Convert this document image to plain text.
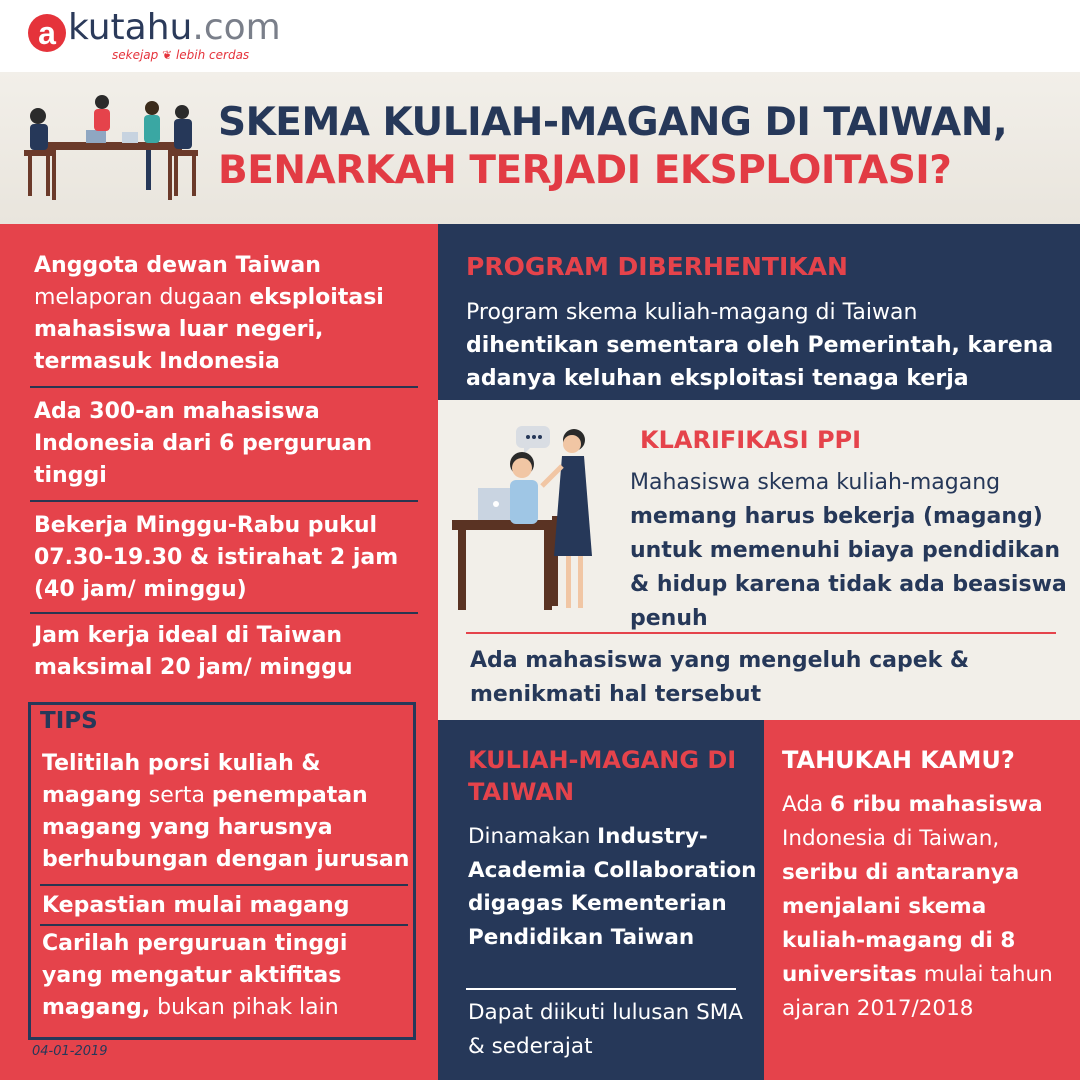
a kutahu.com
sekejap ❦ lebih cerdas
SKEMA KULIAH-MAGANG DI TAIWAN,
BENARKAH TERJADI EKSPLOITASI?
Anggota dewan Taiwan
melaporan dugaan eksploitasi mahasiswa luar negeri, termasuk Indonesia
Ada 300-an mahasiswa Indonesia dari 6 perguruan tinggi
Bekerja Minggu-Rabu pukul 07.30-19.30 & istirahat 2 jam (40 jam/ minggu)
Jam kerja ideal di Taiwan maksimal 20 jam/ minggu
TIPS
Telitilah porsi kuliah & magang serta penempatan magang yang harusnya berhubungan dengan jurusan
Kepastian mulai magang
Carilah perguruan tinggi yang mengatur aktifitas magang, bukan pihak lain
04-01-2019
PROGRAM DIBERHENTIKAN
Program skema kuliah-magang di Taiwan
dihentikan sementara oleh Pemerintah, karena adanya keluhan eksploitasi tenaga kerja
KLARIFIKASI PPI
Mahasiswa skema kuliah-magang
memang harus bekerja (magang) untuk memenuhi biaya pendidikan & hidup karena tidak ada beasiswa penuh
Ada mahasiswa yang mengeluh capek & menikmati hal tersebut
KULIAH-MAGANG DI TAIWAN
Dinamakan Industry-Academia Collaboration digagas Kementerian Pendidikan Taiwan
Dapat diikuti lulusan SMA & sederajat
TAHUKAH KAMU?
Ada 6 ribu mahasiswa Indonesia di Taiwan, seribu di antaranya menjalani skema kuliah-magang di 8 universitas mulai tahun ajaran 2017/2018
